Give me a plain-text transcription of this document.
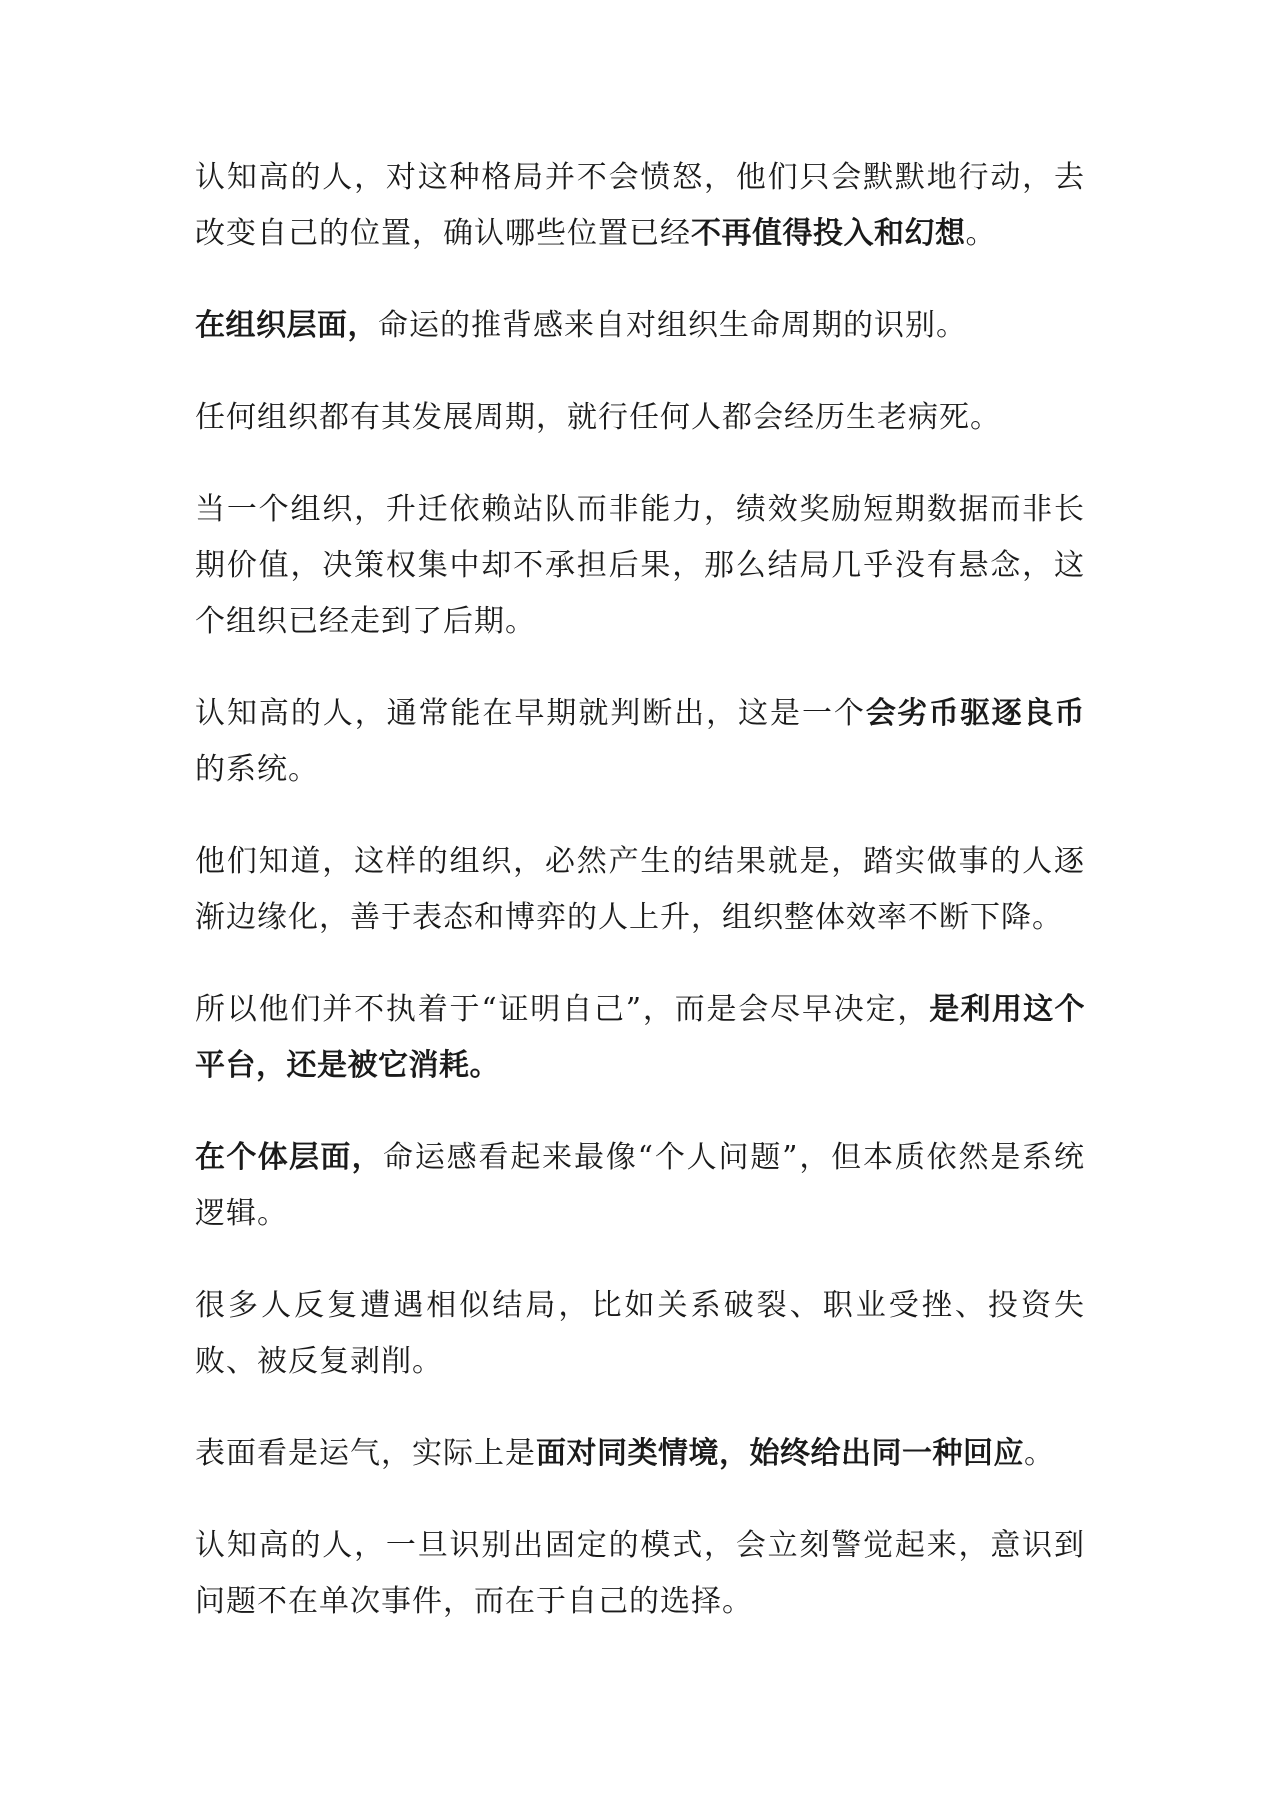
认知高的人，对这种格局并不会愤怒，他们只会默默地行动，去改变自己的位置，确认哪些位置已经不再值得投入和幻想。

在组织层面，命运的推背感来自对组织生命周期的识别。

任何组织都有其发展周期，就行任何人都会经历生老病死。

当一个组织，升迁依赖站队而非能力，绩效奖励短期数据而非长期价值，决策权集中却不承担后果，那么结局几乎没有悬念，这个组织已经走到了后期。

认知高的人，通常能在早期就判断出，这是一个会劣币驱逐良币的系统。

他们知道，这样的组织，必然产生的结果就是，踏实做事的人逐渐边缘化，善于表态和博弈的人上升，组织整体效率不断下降。

所以他们并不执着于“证明自己”，而是会尽早决定，是利用这个平台，还是被它消耗。

在个体层面，命运感看起来最像“个人问题”，但本质依然是系统逻辑。

很多人反复遭遇相似结局，比如关系破裂、职业受挫、投资失败、被反复剥削。

表面看是运气，实际上是面对同类情境，始终给出同一种回应。

认知高的人，一旦识别出固定的模式，会立刻警觉起来，意识到问题不在单次事件，而在于自己的选择。
